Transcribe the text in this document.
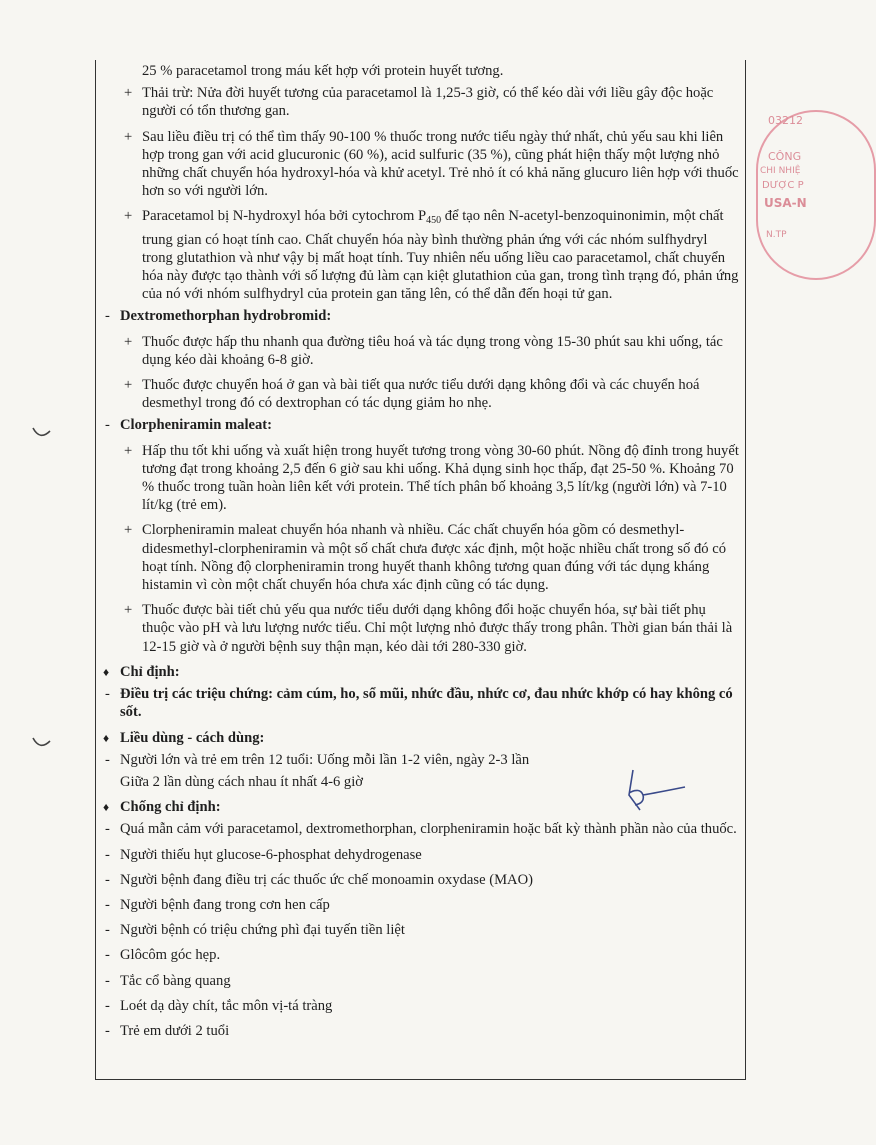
25 % paracetamol trong máu kết hợp với protein huyết tương.
+ Thải trừ: Nửa đời huyết tương của paracetamol là 1,25-3 giờ, có thể kéo dài với liều gây độc hoặc người có tổn thương gan.
+ Sau liều điều trị có thể tìm thấy 90-100 % thuốc trong nước tiểu ngày thứ nhất, chủ yếu sau khi liên hợp trong gan với acid glucuronic (60 %), acid sulfuric (35 %), cũng phát hiện thấy một lượng nhỏ những chất chuyển hóa hydroxyl-hóa và khử acetyl. Trẻ nhỏ ít có khả năng glucuro liên hợp với thuốc hơn so với người lớn.
+ Paracetamol bị N-hydroxyl hóa bởi cytochrom $P_{450}$ để tạo nên N-acetyl-benzoquinonimin, một chất trung gian có hoạt tính cao. Chất chuyển hóa này bình thường phản ứng với các nhóm sulfhydryl trong glutathion và như vậy bị mất hoạt tính. Tuy nhiên nếu uống liều cao paracetamol, chất chuyển hóa này được tạo thành với số lượng đủ làm cạn kiệt glutathion của gan, trong tình trạng đó, phản ứng của nó với nhóm sulfhydryl của protein gan tăng lên, có thể dẫn đến hoại tử gan.
- Dextromethorphan hydrobromid:
+ Thuốc được hấp thu nhanh qua đường tiêu hoá và tác dụng trong vòng 15-30 phút sau khi uống, tác dụng kéo dài khoảng 6-8 giờ.
+ Thuốc được chuyển hoá ở gan và bài tiết qua nước tiểu dưới dạng không đổi và các chuyển hoá desmethyl trong đó có dextrophan có tác dụng giảm ho nhẹ.
- Clorpheniramin maleat:
+ Hấp thu tốt khi uống và xuất hiện trong huyết tương trong vòng 30-60 phút. Nồng độ đỉnh trong huyết tương đạt trong khoảng 2,5 đến 6 giờ sau khi uống. Khả dụng sinh học thấp, đạt 25-50 %. Khoảng 70 % thuốc trong tuần hoàn liên kết với protein. Thể tích phân bố khoảng 3,5 lít/kg (người lớn) và 7-10 lít/kg (trẻ em).
+ Clorpheniramin maleat chuyển hóa nhanh và nhiều. Các chất chuyển hóa gồm có desmethyl-didesmethyl-clorpheniramin và một số chất chưa được xác định, một hoặc nhiều chất trong số đó có hoạt tính. Nồng độ clorpheniramin trong huyết thanh không tương quan đúng với tác dụng kháng histamin vì còn một chất chuyển hóa chưa xác định cũng có tác dụng.
+ Thuốc được bài tiết chủ yếu qua nước tiểu dưới dạng không đổi hoặc chuyển hóa, sự bài tiết phụ thuộc vào pH và lưu lượng nước tiểu. Chỉ một lượng nhỏ được thấy trong phân. Thời gian bán thải là 12-15 giờ và ở người bệnh suy thận mạn, kéo dài tới 280-330 giờ.
♦ Chỉ định:
- Điều trị các triệu chứng: cảm cúm, ho, sổ mũi, nhức đầu, nhức cơ, đau nhức khớp có hay không có sốt.
♦ Liều dùng - cách dùng:
- Người lớn và trẻ em trên 12 tuổi: Uống mỗi lần 1-2 viên, ngày 2-3 lần
Giữa 2 lần dùng cách nhau ít nhất 4-6 giờ
♦ Chống chỉ định:
- Quá mẫn cảm với paracetamol, dextromethorphan, clorpheniramin hoặc bất kỳ thành phần nào của thuốc.
- Người thiếu hụt glucose-6-phosphat dehydrogenase
- Người bệnh đang điều trị các thuốc ức chế monoamin oxydase (MAO)
- Người bệnh đang trong cơn hen cấp
- Người bệnh có triệu chứng phì đại tuyến tiền liệt
- Glôcôm góc hẹp.
- Tắc cổ bàng quang
- Loét dạ dày chít, tắc môn vị-tá tràng
- Trẻ em dưới 2 tuổi
03212
CÔNG
CHI NHIỆ
DƯỢC P
USA-N
N.TP
